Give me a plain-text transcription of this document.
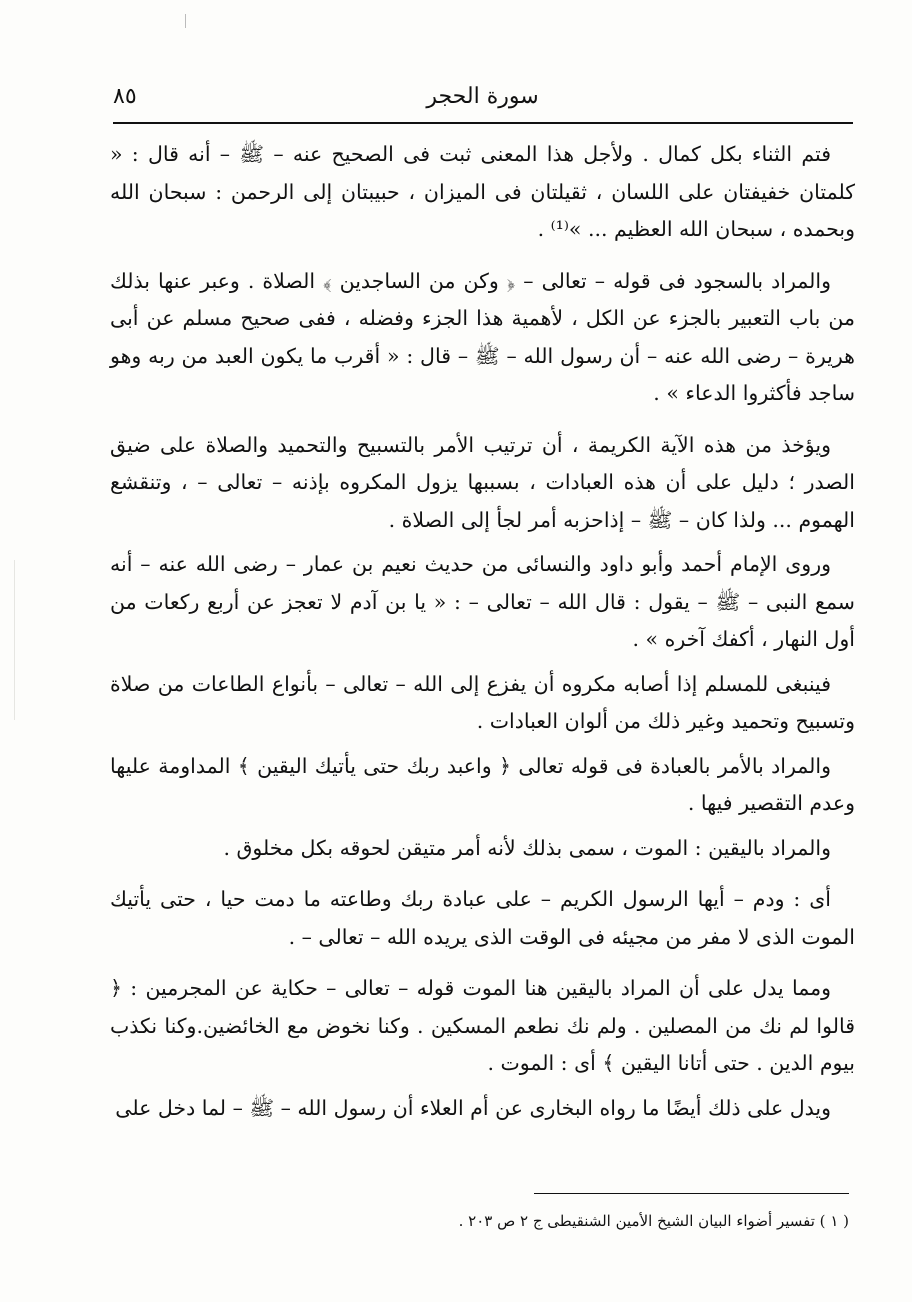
٨٥	سورة الحجر

فتم الثناء بكل كمال . ولأجل هذا المعنى ثبت فى الصحيح عنه – ﷺ – أنه قال : « كلمتان خفيفتان على اللسان ، ثقيلتان فى الميزان ، حبيبتان إلى الرحمن : سبحان الله وبحمده ، سبحان الله العظيم ... »⁽¹⁾ .

والمراد بالسجود فى قوله – تعالى – ﴿ وكن من الساجدين ﴾ الصلاة . وعبر عنها بذلك من باب التعبير بالجزء عن الكل ، لأهمية هذا الجزء وفضله ، ففى صحيح مسلم عن أبى هريرة – رضى الله عنه – أن رسول الله – ﷺ – قال : « أقرب ما يكون العبد من ربه وهو ساجد فأكثروا الدعاء » .

ويؤخذ من هذه الآية الكريمة ، أن ترتيب الأمر بالتسبيح والتحميد والصلاة على ضيق الصدر ؛ دليل على أن هذه العبادات ، بسببها يزول المكروه بإذنه – تعالى – ، وتنقشع الهموم ... ولذا كان – ﷺ – إذاحزبه أمر لجأ إلى الصلاة .

وروى الإمام أحمد وأبو داود والنسائى من حديث نعيم بن عمار – رضى الله عنه – أنه سمع النبى – ﷺ – يقول : قال الله – تعالى – : « يا بن آدم لا تعجز عن أربع ركعات من أول النهار ، أكفك آخره » .

فينبغى للمسلم إذا أصابه مكروه أن يفزع إلى الله – تعالى – بأنواع الطاعات من صلاة وتسبيح وتحميد وغير ذلك من ألوان العبادات .

والمراد بالأمر بالعبادة فى قوله تعالى ﴿ واعبد ربك حتى يأتيك اليقين ﴾ المداومة عليها وعدم التقصير فيها .

والمراد باليقين : الموت ، سمى بذلك لأنه أمر متيقن لحوقه بكل مخلوق .

أى : ودم – أيها الرسول الكريم – على عبادة ربك وطاعته ما دمت حيا ، حتى يأتيك الموت الذى لا مفر من مجيئه فى الوقت الذى يريده الله – تعالى – .

ومما يدل على أن المراد باليقين هنا الموت قوله – تعالى – حكاية عن المجرمين : ﴿ قالوا لم نك من المصلين . ولم نك نطعم المسكين . وكنا نخوض مع الخائضين.وكنا نكذب بيوم الدين . حتى أتانا اليقين ﴾ أى : الموت .

ويدل على ذلك أيضًا ما رواه البخارى عن أم العلاء أن رسول الله – ﷺ – لما دخل على

( ١ ) تفسير أضواء البيان الشيخ الأمين الشنقيطى ج ٢ ص ٢٠٣ .
